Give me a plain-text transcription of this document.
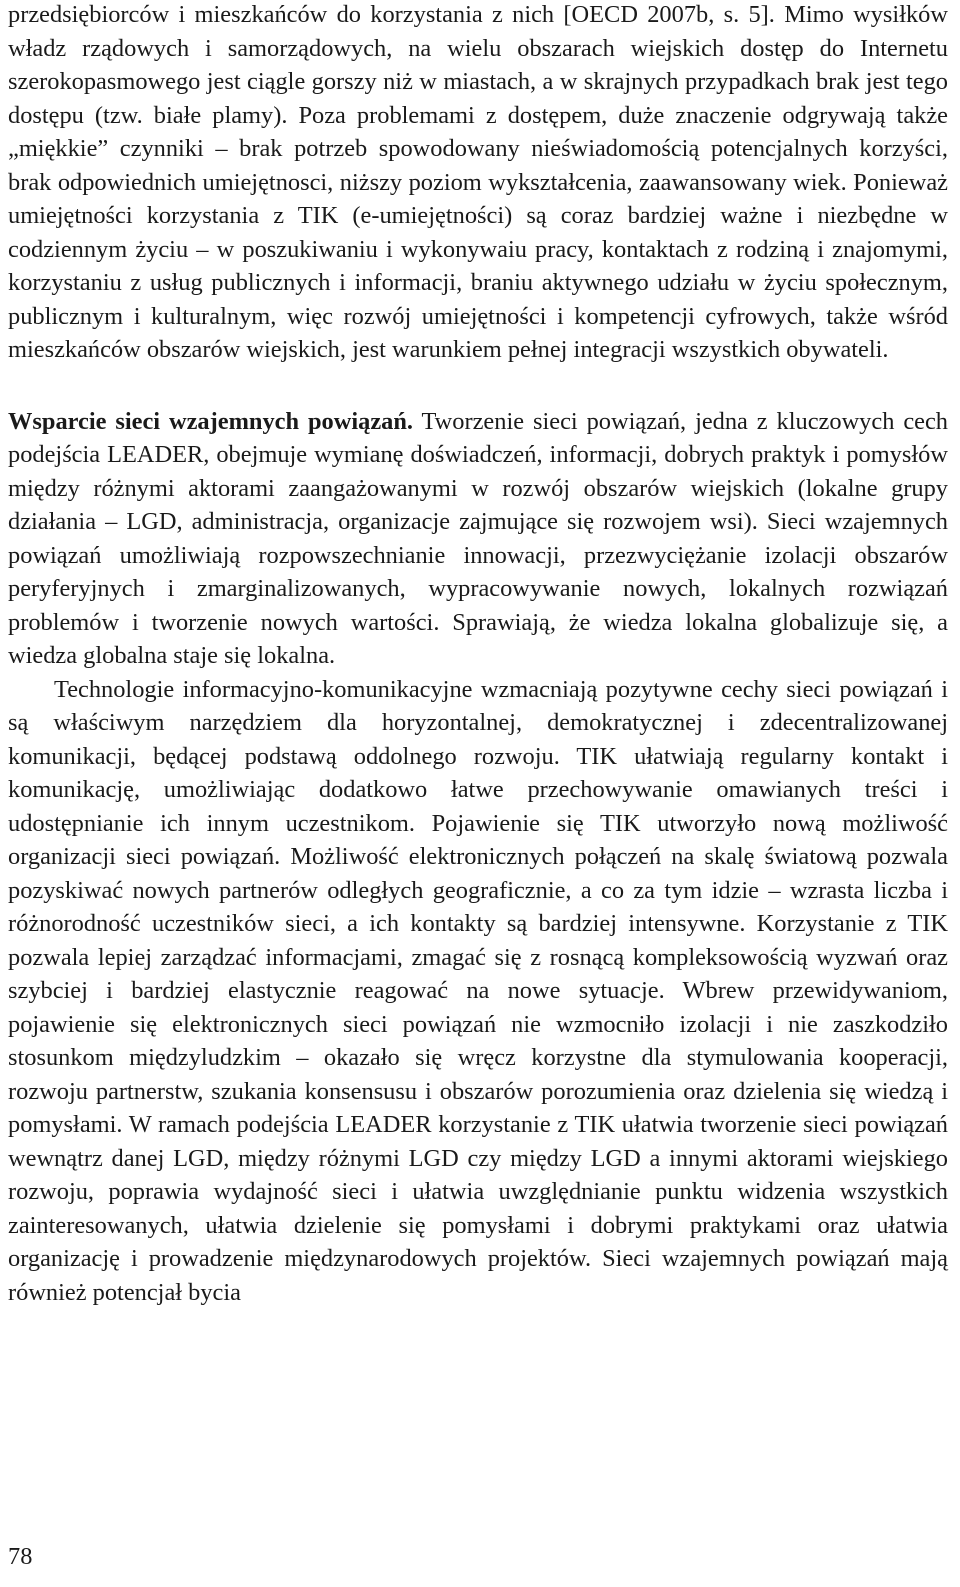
przedsiębiorców i mieszkańców do korzystania z nich [OECD 2007b, s. 5]. Mimo wysiłków władz rządowych i samorządowych, na wielu obszarach wiejskich dostęp do Internetu szerokopasmowego jest ciągle gorszy niż w miastach, a w skrajnych przypadkach brak jest tego dostępu (tzw. białe plamy). Poza problemami z dostępem, duże znaczenie odgrywają także „miękkie” czynniki – brak potrzeb spowodowany nieświadomością potencjalnych korzyści, brak odpowiednich umiejętnosci, niższy poziom wykształcenia, zaawansowany wiek. Ponieważ umiejętności korzystania z TIK (e-umiejętności) są coraz bardziej ważne i niezbędne w codziennym życiu – w poszukiwaniu i wykonywaiu pracy, kontaktach z rodziną i znajomymi, korzystaniu z usług publicznych i informacji, braniu aktywnego udziału w życiu społecznym, publicznym i kulturalnym, więc rozwój umiejętności i kompetencji cyfrowych, także wśród mieszkańców obszarów wiejskich, jest warunkiem pełnej integracji wszystkich obywateli.

Wsparcie sieci wzajemnych powiązań. Tworzenie sieci powiązań, jedna z kluczowych cech podejścia LEADER, obejmuje wymianę doświadczeń, informacji, dobrych praktyk i pomysłów między różnymi aktorami zaangażowanymi w rozwój obszarów wiejskich (lokalne grupy działania – LGD, administracja, organizacje zajmujące się rozwojem wsi). Sieci wzajemnych powiązań umożliwiają rozpowszechnianie innowacji, przezwyciężanie izolacji obszarów peryferyjnych i zmarginalizowanych, wypracowywanie nowych, lokalnych rozwiązań problemów i tworzenie nowych wartości. Sprawiają, że wiedza lokalna globalizuje się, a wiedza globalna staje się lokalna.

Technologie informacyjno-komunikacyjne wzmacniają pozytywne cechy sieci powiązań i są właściwym narzędziem dla horyzontalnej, demokratycznej i zdecentralizowanej komunikacji, będącej podstawą oddolnego rozwoju. TIK ułatwiają regularny kontakt i komunikację, umożliwiając dodatkowo łatwe przechowywanie omawianych treści i udostępnianie ich innym uczestnikom. Pojawienie się TIK utworzyło nową możliwość organizacji sieci powiązań. Możliwość elektronicznych połączeń na skalę światową pozwala pozyskiwać nowych partnerów odległych geograficznie, a co za tym idzie – wzrasta liczba i różnorodność uczestników sieci, a ich kontakty są bardziej intensywne. Korzystanie z TIK pozwala lepiej zarządzać informacjami, zmagać się z rosnącą kompleksowością wyzwań oraz szybciej i bardziej elastycznie reagować na nowe sytuacje. Wbrew przewidywaniom, pojawienie się elektronicznych sieci powiązań nie wzmocniło izolacji i nie zaszkodziło stosunkom międzyludzkim – okazało się wręcz korzystne dla stymulowania kooperacji, rozwoju partnerstw, szukania konsensusu i obszarów porozumienia oraz dzielenia się wiedzą i pomysłami. W ramach podejścia LEADER korzystanie z TIK ułatwia tworzenie sieci powiązań wewnątrz danej LGD, między różnymi LGD czy między LGD a innymi aktorami wiejskiego rozwoju, poprawia wydajność sieci i ułatwia uwzględnianie punktu widzenia wszystkich zainteresowanych, ułatwia dzielenie się pomysłami i dobrymi praktykami oraz ułatwia organizację i prowadzenie międzynarodowych projektów. Sieci wzajemnych powiązań mają również potencjał bycia

78
